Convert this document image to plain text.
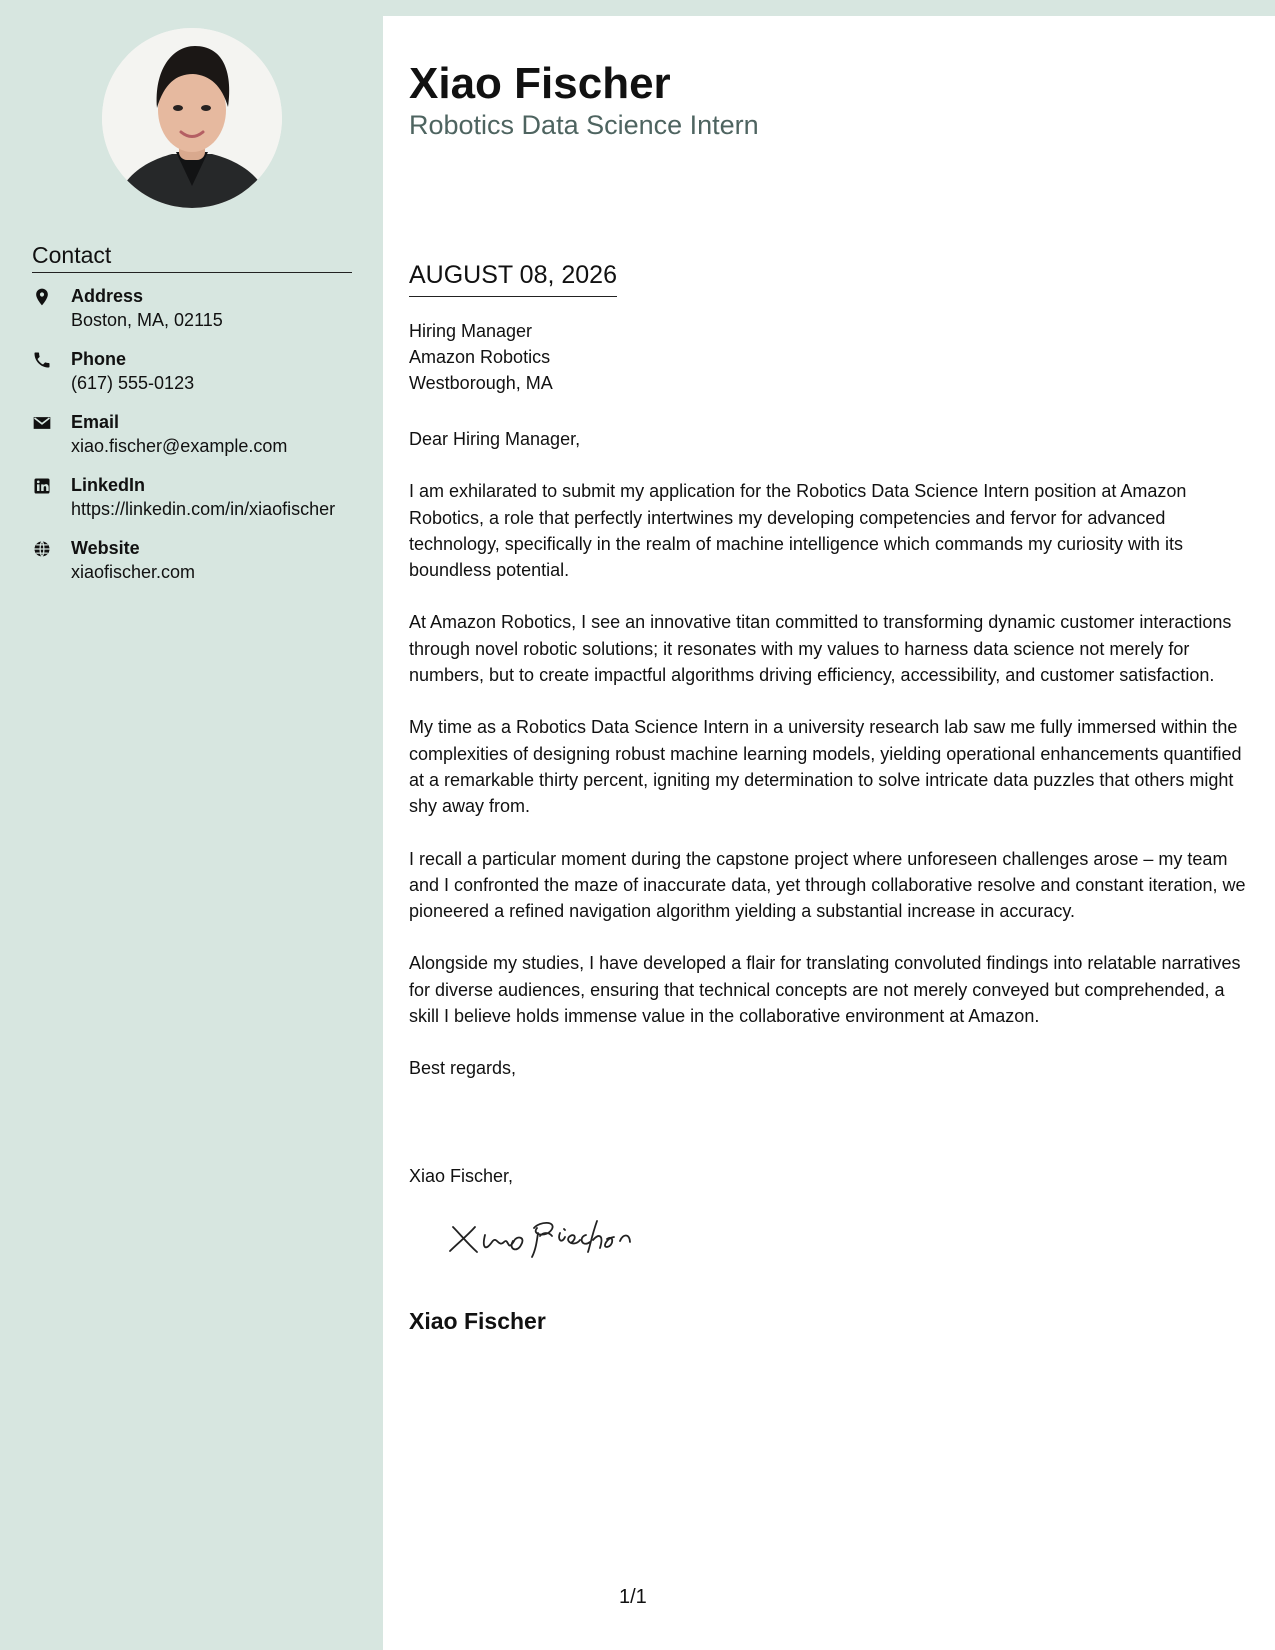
Contact
Address
Boston, MA, 02115
Phone
(617) 555-0123
Email
xiao.fischer@example.com
LinkedIn
https://linkedin.com/in/xiaofischer
Website
xiaofischer.com
Xiao Fischer
Robotics Data Science Intern
AUGUST 08, 2026
Hiring Manager
Amazon Robotics
Westborough, MA

Dear Hiring Manager,

I am exhilarated to submit my application for the Robotics Data Science Intern position at Amazon Robotics, a role that perfectly intertwines my developing competencies and fervor for advanced technology, specifically in the realm of machine intelligence which commands my curiosity with its boundless potential.

At Amazon Robotics, I see an innovative titan committed to transforming dynamic customer interactions through novel robotic solutions; it resonates with my values to harness data science not merely for numbers, but to create impactful algorithms driving efficiency, accessibility, and customer satisfaction.

My time as a Robotics Data Science Intern in a university research lab saw me fully immersed within the complexities of designing robust machine learning models, yielding operational enhancements quantified at a remarkable thirty percent, igniting my determination to solve intricate data puzzles that others might shy away from.

I recall a particular moment during the capstone project where unforeseen challenges arose – my team and I confronted the maze of inaccurate data, yet through collaborative resolve and constant iteration, we pioneered a refined navigation algorithm yielding a substantial increase in accuracy.

Alongside my studies, I have developed a flair for translating convoluted findings into relatable narratives for diverse audiences, ensuring that technical concepts are not merely conveyed but comprehended, a skill I believe holds immense value in the collaborative environment at Amazon.

Best regards,

Xiao Fischer,
Xiao Fischer
1/1
